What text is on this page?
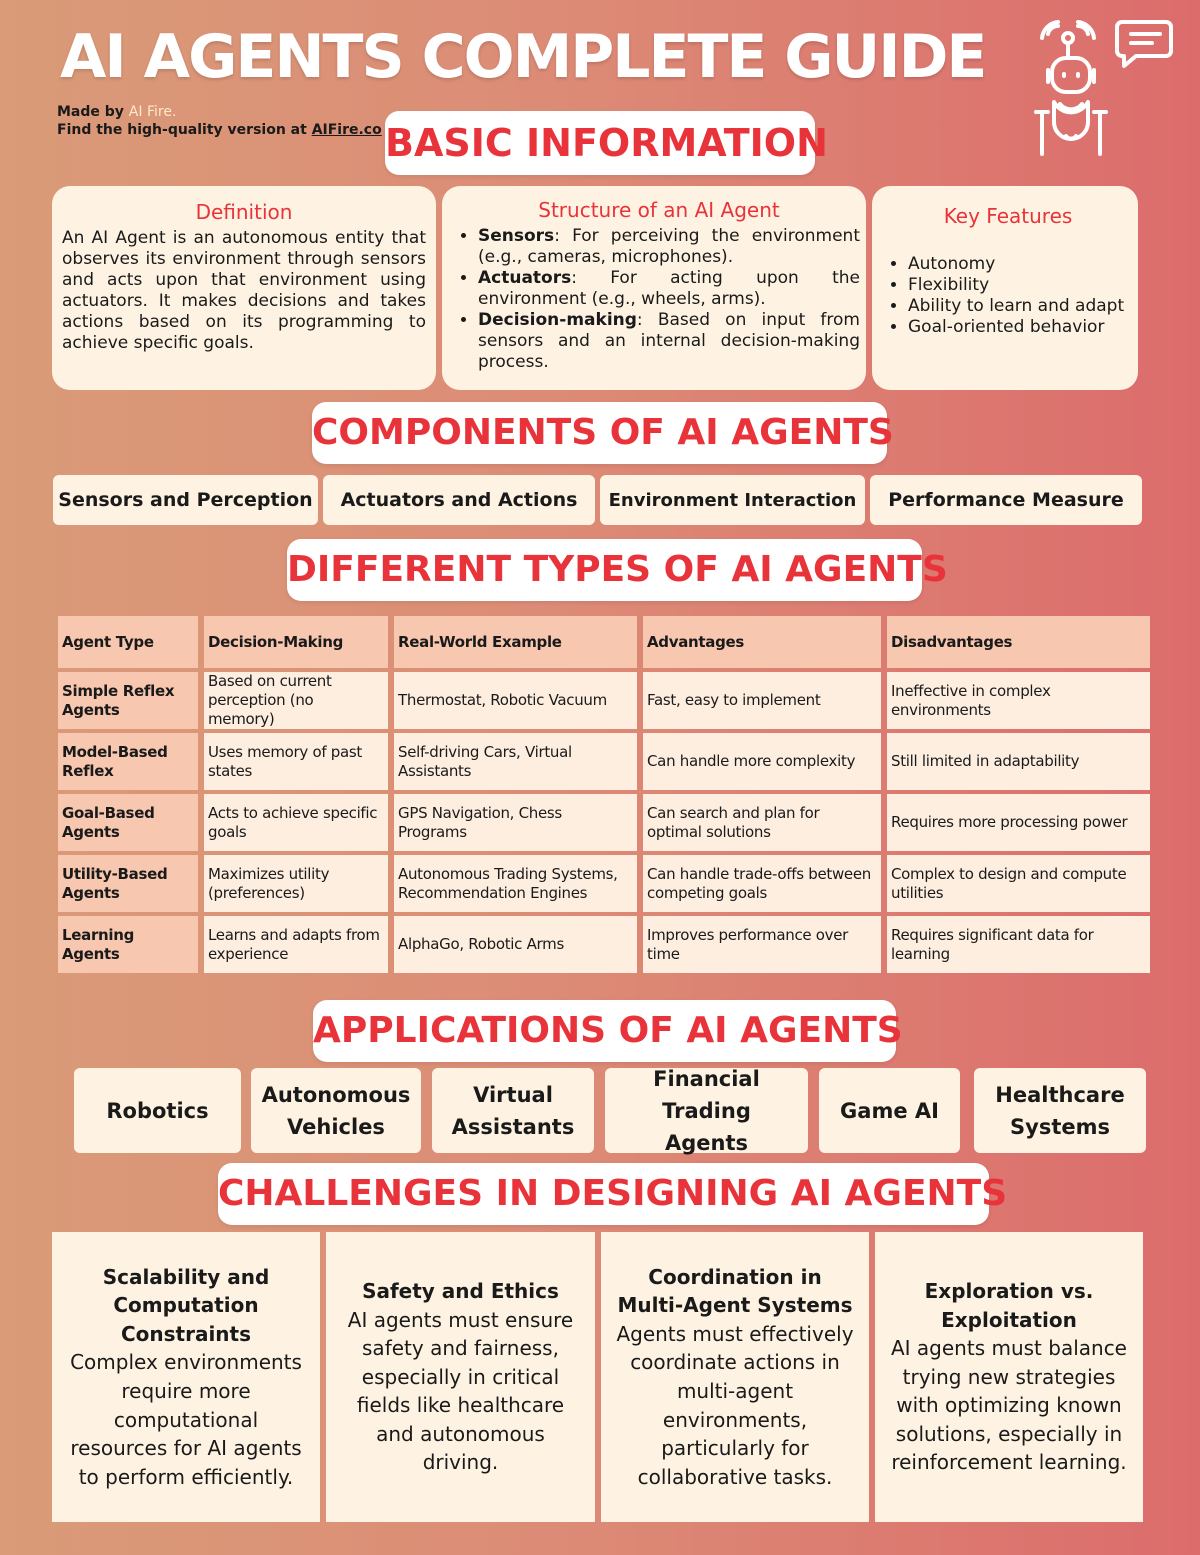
AI AGENTS COMPLETE GUIDE
Made by AI Fire.
Find the high-quality version at AIFire.co BASIC INFORMATION
Definition

An AI Agent is an autonomous entity that observes its environment through sensors and acts upon that environment using actuators. It makes decisions and takes actions based on its programming to achieve specific goals.

Structure of an AI Agent
• Sensors: For perceiving the environment (e.g., cameras, microphones).
• Actuators: For acting upon the environment (e.g., wheels, arms).
• Decision-making: Based on input from sensors and an internal decision-making process.
Key Features
• Autonomy
• Flexibility
• Ability to learn and adapt
• Goal-oriented behavior
COMPONENTS OF AI AGENTS
Sensors and Perception	Actuators and Actions	Environment Interaction	Performance Measure
DIFFERENT TYPES OF AI AGENTS
Agent Type	Decision-Making	Real-World Example	Advantages	Disadvantages
Simple Reflex Agents	Based on current perception (no memory)	Thermostat, Robotic Vacuum	Fast, easy to implement	Ineffective in complex environments
Model-Based Reflex	Uses memory of past states	Self-driving Cars, Virtual Assistants	Can handle more complexity	Still limited in adaptability
Goal-Based Agents	Acts to achieve specific goals	GPS Navigation, Chess Programs	Can search and plan for optimal solutions	Requires more processing power
Utility-Based Agents	Maximizes utility (preferences)	Autonomous Trading Systems, Recommendation Engines	Can handle trade-offs between competing goals	Complex to design and compute utilities
Learning Agents	Learns and adapts from experience	AlphaGo, Robotic Arms	Improves performance over time	Requires significant data for learning
APPLICATIONS OF AI AGENTS
Robotics
Autonomous Vehicles
Virtual Assistants
Financial Trading Agents
Game AI
Healthcare Systems
CHALLENGES IN DESIGNING AI AGENTS
Scalability and Computation Constraints
Complex environments require more computational resources for AI agents to perform efficiently.
Safety and Ethics
AI agents must ensure safety and fairness, especially in critical fields like healthcare and autonomous driving.
Coordination in Multi-Agent Systems
Agents must effectively coordinate actions in multi-agent environments, particularly for collaborative tasks.
Exploration vs. Exploitation
AI agents must balance trying new strategies with optimizing known solutions, especially in reinforcement learning.
